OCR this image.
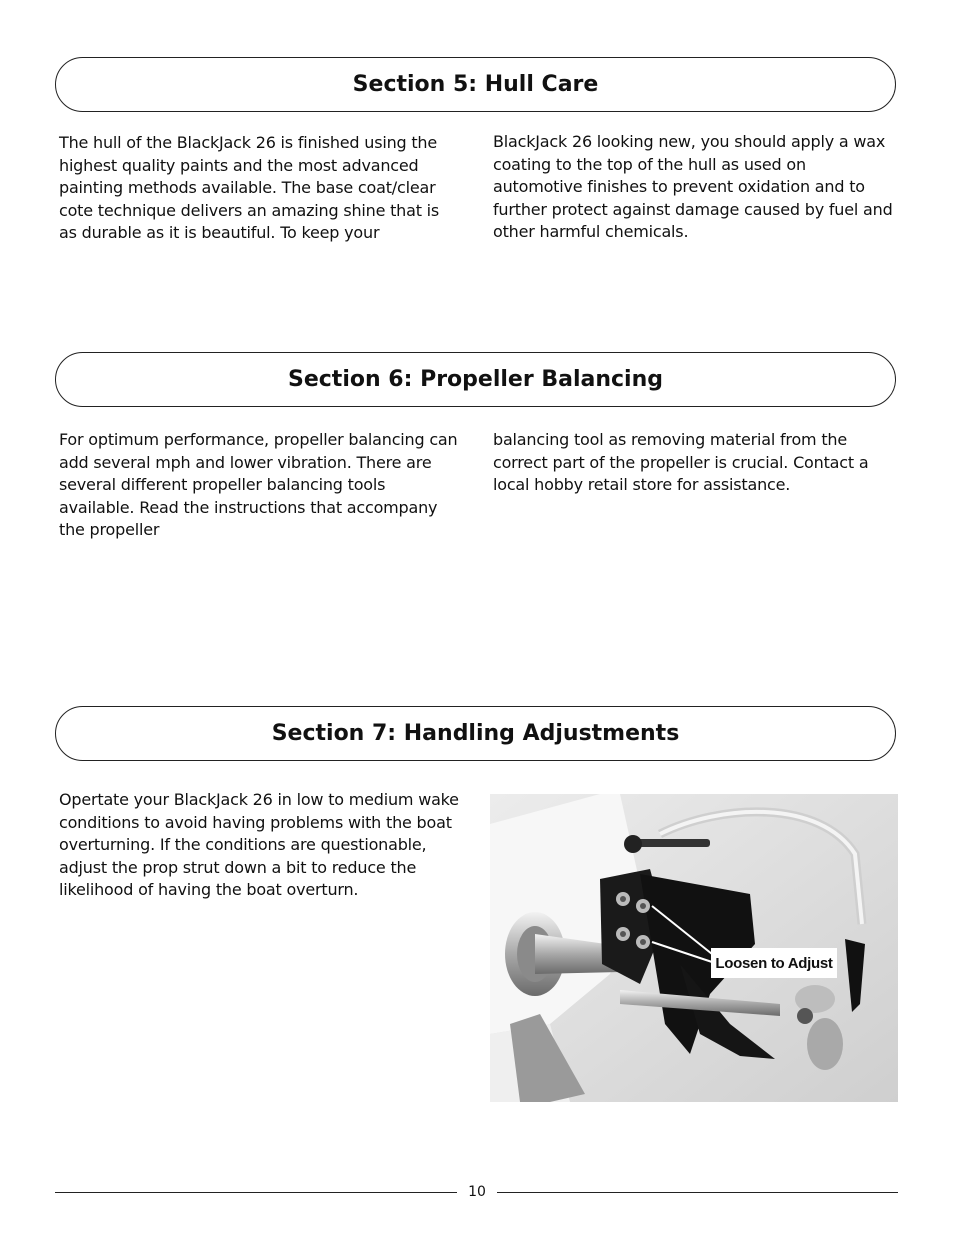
Section 5: Hull Care
The hull of the BlackJack 26 is finished using the highest quality paints and the most advanced painting methods available. The base coat/clear cote technique delivers an amazing shine that is as durable as it is beautiful. To keep your
BlackJack 26 looking new, you should apply a wax coating to the top of the hull as used on automotive finishes to prevent oxidation and to further protect against damage caused by fuel and other harmful chemicals.
Section 6: Propeller Balancing
For optimum performance, propeller balancing can add several mph and lower vibration. There are several different propeller balancing tools available. Read the instructions that accompany the propeller
balancing tool as removing material from the correct part of the propeller is crucial. Contact a local hobby retail store for assistance.
Section 7: Handling Adjustments
Opertate your BlackJack 26 in low to medium wake conditions to avoid having problems with the boat overturning. If the conditions are questionable, adjust the prop strut down a bit to reduce the likelihood of having the boat overturn.
Loosen to Adjust
10
